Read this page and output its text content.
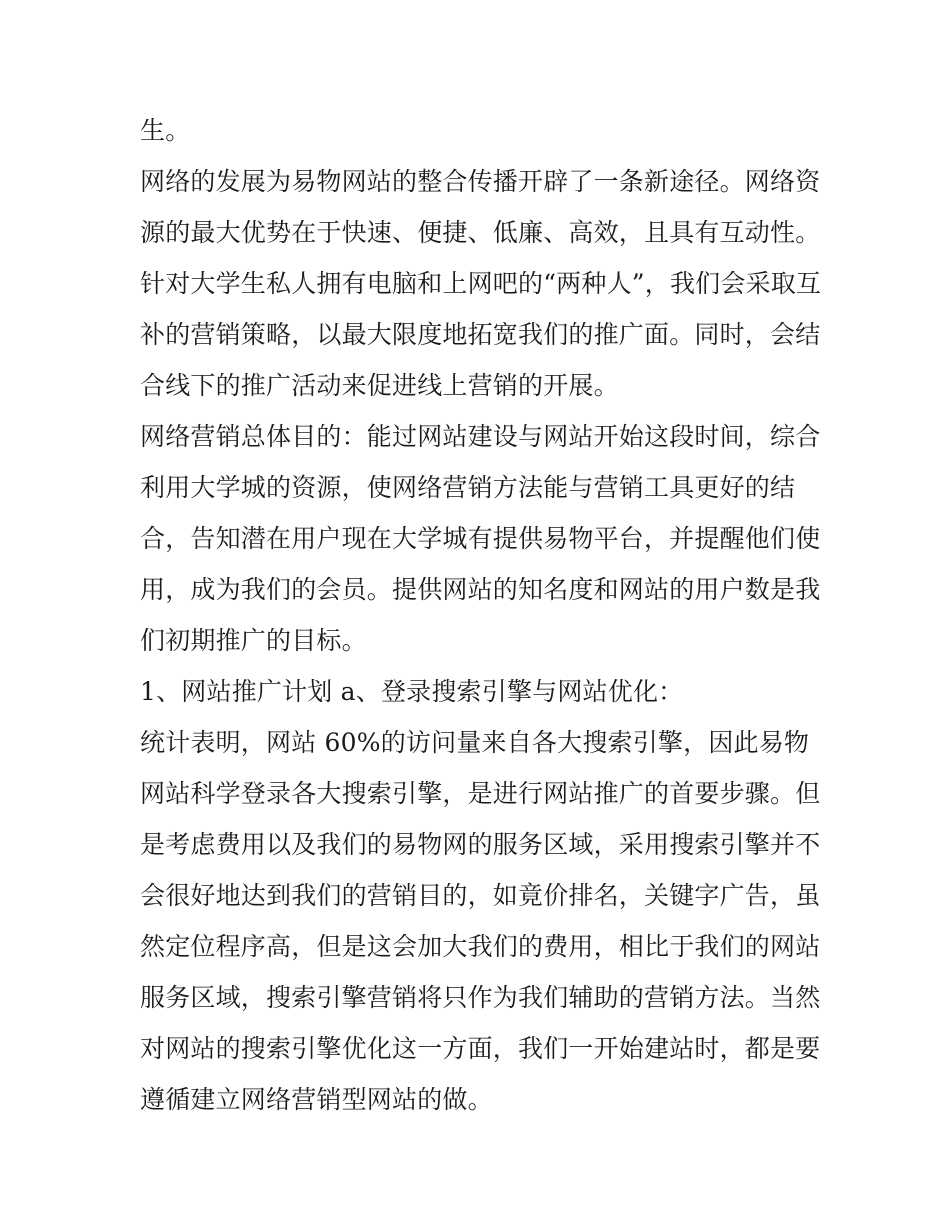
生。
网络的发展为易物网站的整合传播开辟了一条新途径。网络资
源的最大优势在于快速、便捷、低廉、高效，且具有互动性。
针对大学生私人拥有电脑和上网吧的“两种人”，我们会采取互
补的营销策略，以最大限度地拓宽我们的推广面。同时，会结
合线下的推广活动来促进线上营销的开展。
网络营销总体目的：能过网站建设与网站开始这段时间，综合
利用大学城的资源，使网络营销方法能与营销工具更好的结
合，告知潜在用户现在大学城有提供易物平台，并提醒他们使
用，成为我们的会员。提供网站的知名度和网站的用户数是我
们初期推广的目标。
1、网站推广计划 a、登录搜索引擎与网站优化：
统计表明，网站 60%的访问量来自各大搜索引擎，因此易物
网站科学登录各大搜索引擎，是进行网站推广的首要步骤。但
是考虑费用以及我们的易物网的服务区域，采用搜索引擎并不
会很好地达到我们的营销目的，如竟价排名，关键字广告，虽
然定位程序高，但是这会加大我们的费用，相比于我们的网站
服务区域，搜索引擎营销将只作为我们辅助的营销方法。当然
对网站的搜索引擎优化这一方面，我们一开始建站时，都是要
遵循建立网络营销型网站的做。
